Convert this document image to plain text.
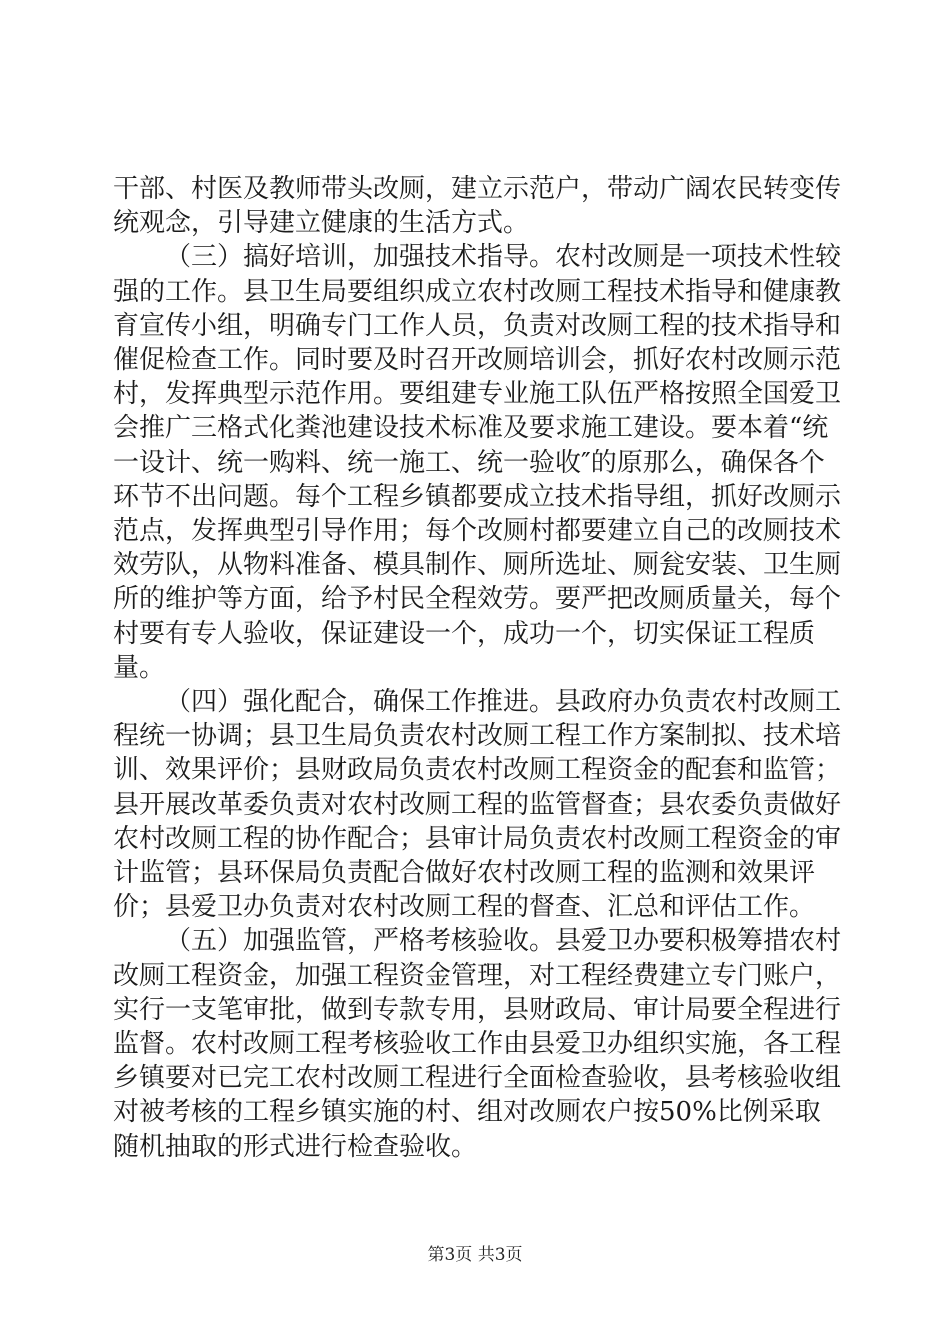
干部、村医及教师带头改厕，建立示范户，带动广阔农民转变传统观念，引导建立健康的生活方式。

（三）搞好培训，加强技术指导。农村改厕是一项技术性较强的工作。县卫生局要组织成立农村改厕工程技术指导和健康教育宣传小组，明确专门工作人员，负责对改厕工程的技术指导和催促检查工作。同时要及时召开改厕培训会，抓好农村改厕示范村，发挥典型示范作用。要组建专业施工队伍严格按照全国爱卫会推广三格式化粪池建设技术标准及要求施工建设。要本着“统一设计、统一购料、统一施工、统一验收″的原那么，确保各个环节不出问题。每个工程乡镇都要成立技术指导组，抓好改厕示范点，发挥典型引导作用；每个改厕村都要建立自己的改厕技术效劳队，从物料准备、模具制作、厕所选址、厕瓮安装、卫生厕所的维护等方面，给予村民全程效劳。要严把改厕质量关，每个村要有专人验收，保证建设一个，成功一个，切实保证工程质量。

（四）强化配合，确保工作推进。县政府办负责农村改厕工程统一协调；县卫生局负责农村改厕工程工作方案制拟、技术培训、效果评价；县财政局负责农村改厕工程资金的配套和监管；县开展改革委负责对农村改厕工程的监管督查；县农委负责做好农村改厕工程的协作配合；县审计局负责农村改厕工程资金的审计监管；县环保局负责配合做好农村改厕工程的监测和效果评价；县爱卫办负责对农村改厕工程的督查、汇总和评估工作。

（五）加强监管，严格考核验收。县爱卫办要积极筹措农村改厕工程资金，加强工程资金管理，对工程经费建立专门账户，实行一支笔审批，做到专款专用，县财政局、审计局要全程进行监督。农村改厕工程考核验收工作由县爱卫办组织实施，各工程乡镇要对已完工农村改厕工程进行全面检查验收，县考核验收组对被考核的工程乡镇实施的村、组对改厕农户按50%比例采取随机抽取的形式进行检查验收。

第3页 共3页
